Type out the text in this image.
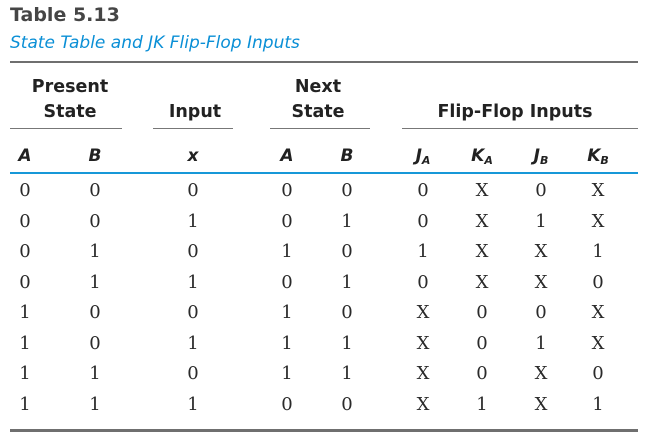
Table 5.13
State Table and JK Flip-Flop Inputs
Present
State	Input
Next
State	Flip-Flop Inputs
A	B	x	A	B	$J_A$	$K_A$	$J_B$	$K_B$
0	0	0	0	0	0	X	0	X
0	0	1	0	1	0	X	1	X
0	1	0	1	0	1	X	X	1
0	1	1	0	1	0	X	X	0
1	0	0	1	0	X	0	0	X
1	0	1	1	1	X	0	1	X
1	1	0	1	1	X	0	X	0
1	1	1	0	0	X	1	X	1
